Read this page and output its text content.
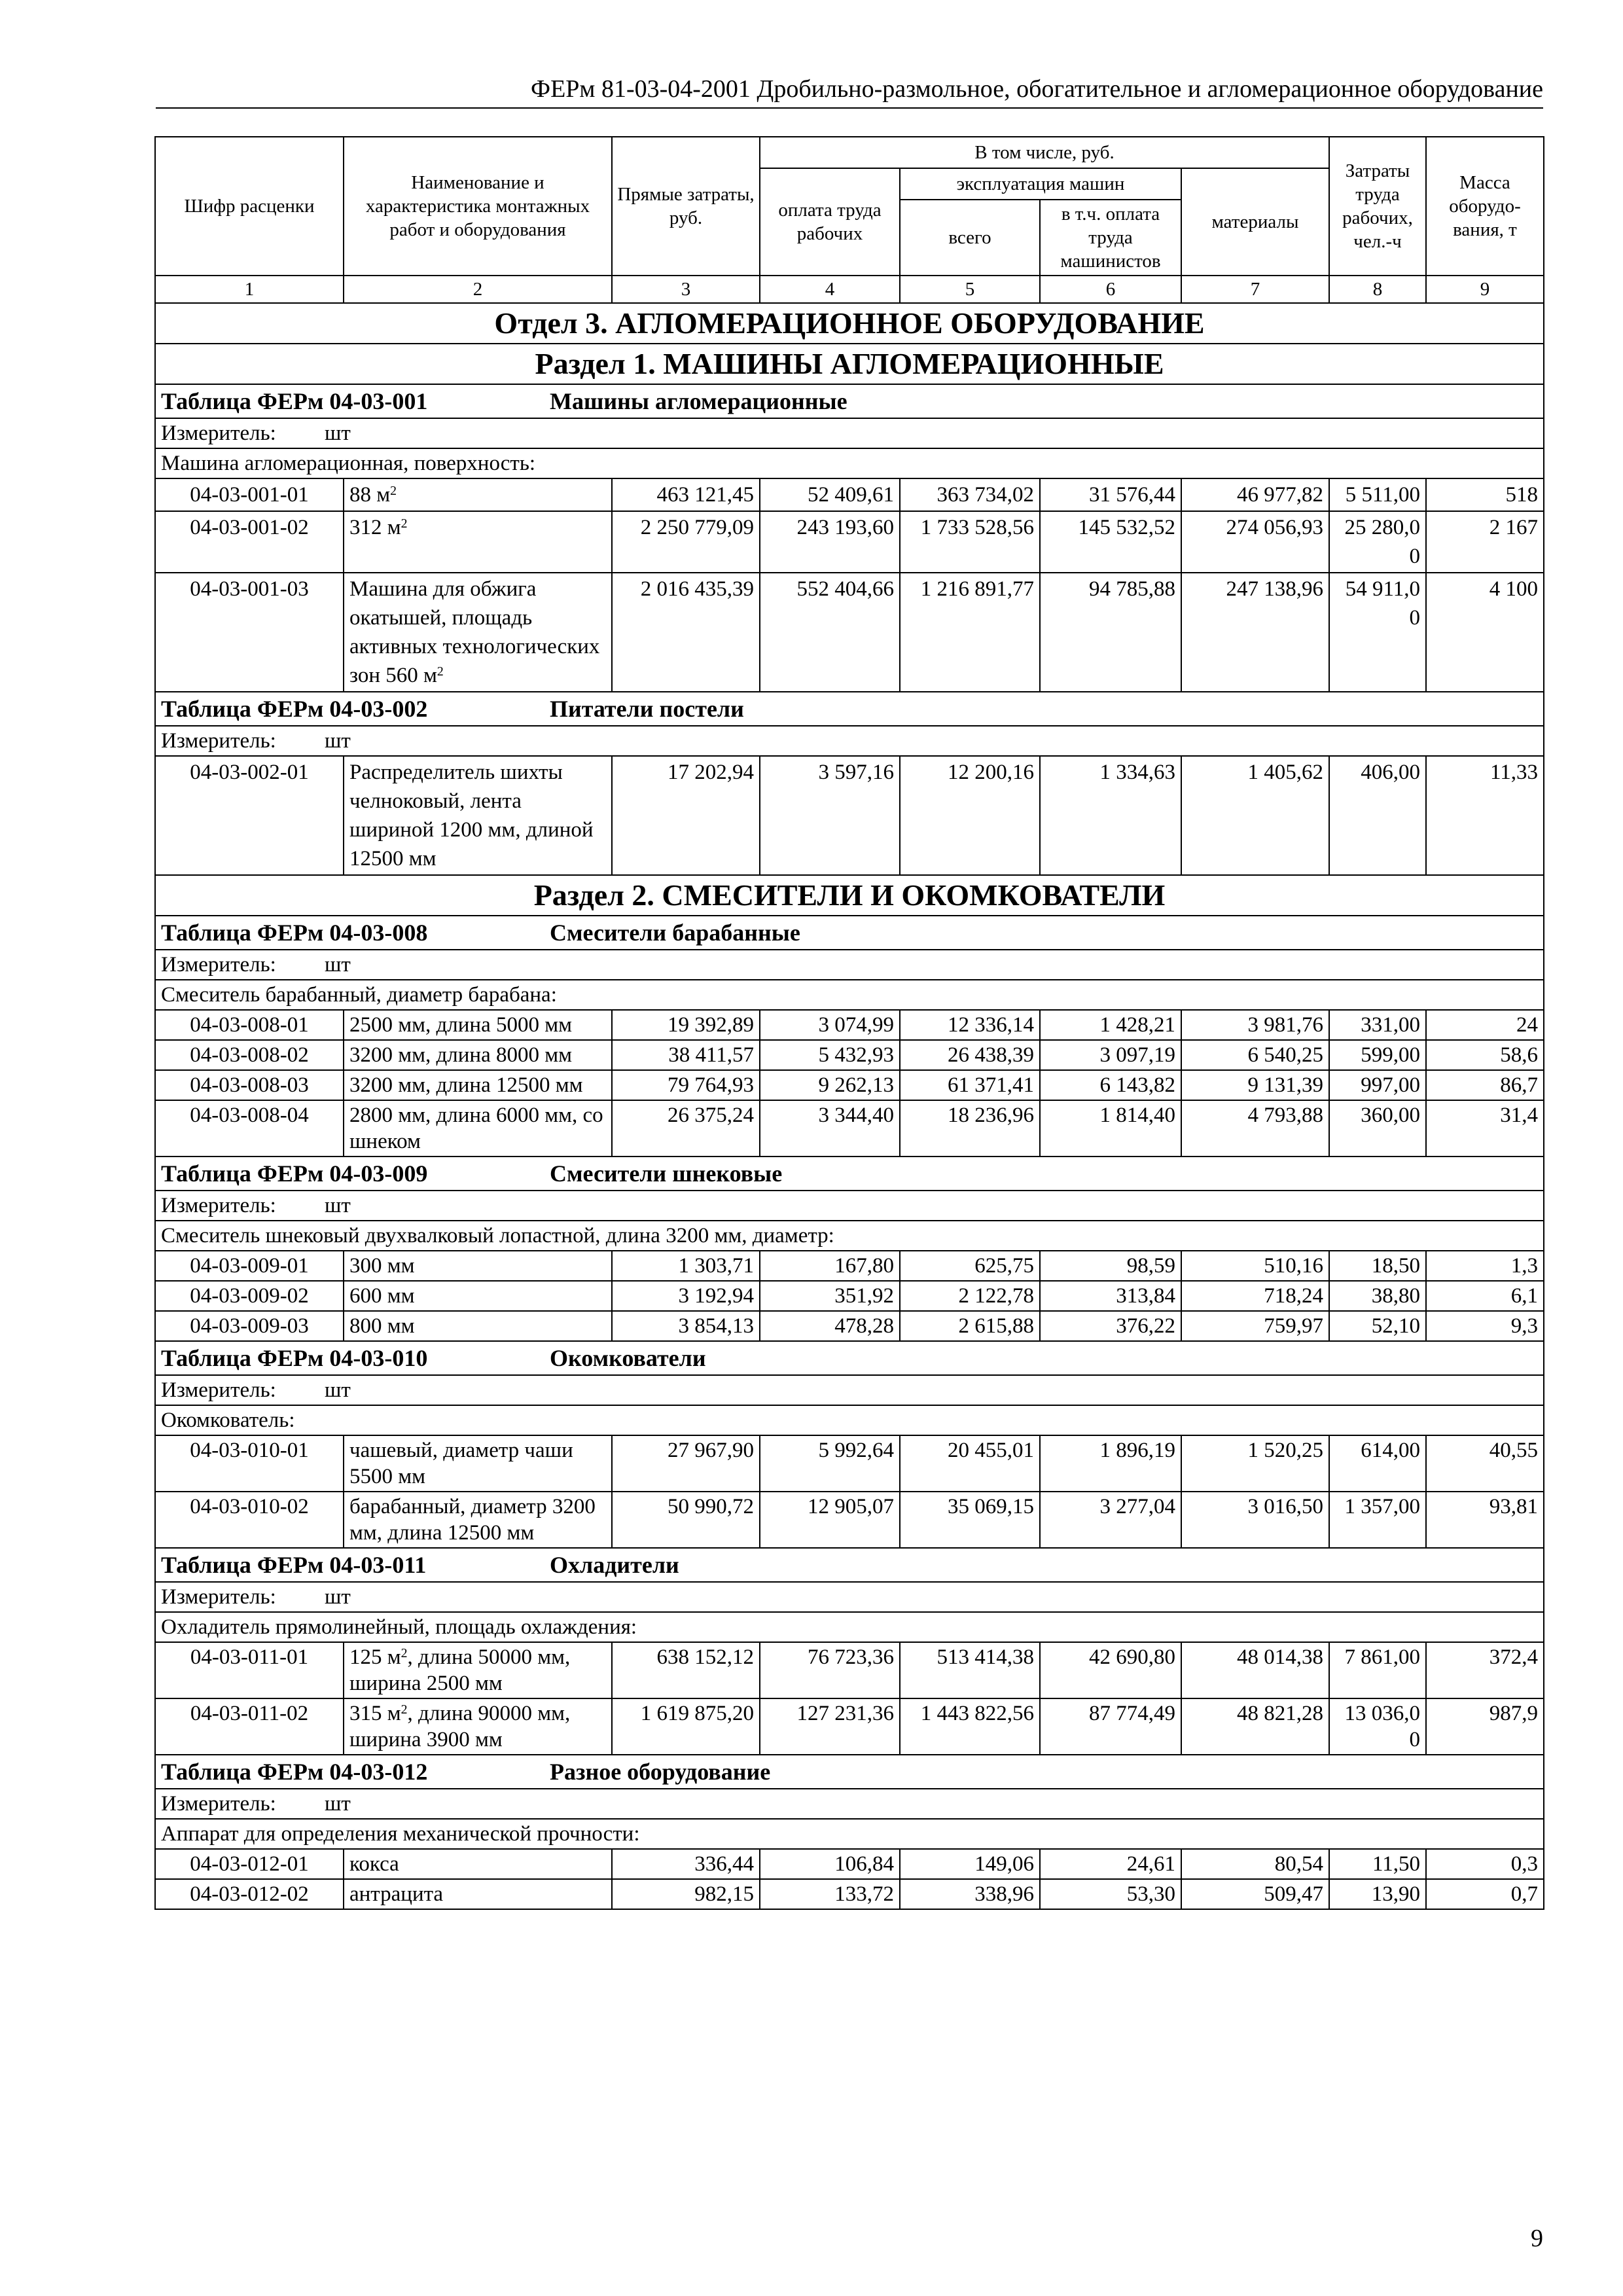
ФЕРм 81-03-04-2001 Дробильно-размольное, обогатительное и агломерационное оборудование
Шифр расценки	Наименование и характеристика монтажных работ и оборудования	Прямые затраты, руб.	В том числе, руб.				Затраты труда рабочих, чел.-ч	Масса оборудо-вания, т
			оплата труда рабочих	эксплуатация машин		материалы		
				всего	в т.ч. оплата труда машинистов			
1	2	3	4	5	6	7	8	9
Отдел 3. АГЛОМЕРАЦИОННОЕ ОБОРУДОВАНИЕ								
Раздел 1. МАШИНЫ АГЛОМЕРАЦИОННЫЕ								
Таблица ФЕРм 04-03-001 Машины агломерационные								
Измеритель: шт								
Машина агломерационная, поверхность:								
04-03-001-01	88 $м^2$	463 121,45	52 409,61	363 734,02	31 576,44	46 977,82	5 511,00	518
04-03-001-02	312 $м^2$	2 250 779,09	243 193,60	1 733 528,56	145 532,52	274 056,93	25 280,00	2 167
04-03-001-03	Машина для обжига окатышей, площадь активных технологических зон 560 $м^2$	2 016 435,39	552 404,66	1 216 891,77	94 785,88	247 138,96	54 911,00	4 100
Таблица ФЕРм 04-03-002 Питатели постели								
Измеритель: шт								
04-03-002-01	Распределитель шихты челноковый, лента шириной 1200 мм, длиной 12500 мм	17 202,94	3 597,16	12 200,16	1 334,63	1 405,62	406,00	11,33
Раздел 2. СМЕСИТЕЛИ И ОКОМКОВАТЕЛИ								
Таблица ФЕРм 04-03-008 Смесители барабанные								
Измеритель: шт								
Смеситель барабанный, диаметр барабана:								
04-03-008-01	2500 мм, длина 5000 мм	19 392,89	3 074,99	12 336,14	1 428,21	3 981,76	331,00	24
04-03-008-02	3200 мм, длина 8000 мм	38 411,57	5 432,93	26 438,39	3 097,19	6 540,25	599,00	58,6
04-03-008-03	3200 мм, длина 12500 мм	79 764,93	9 262,13	61 371,41	6 143,82	9 131,39	997,00	86,7
04-03-008-04	2800 мм, длина 6000 мм, со шнеком	26 375,24	3 344,40	18 236,96	1 814,40	4 793,88	360,00	31,4
Таблица ФЕРм 04-03-009 Смесители шнековые								
Измеритель: шт								
Смеситель шнековый двухвалковый лопастной, длина 3200 мм, диаметр:								
04-03-009-01	300 мм	1 303,71	167,80	625,75	98,59	510,16	18,50	1,3
04-03-009-02	600 мм	3 192,94	351,92	2 122,78	313,84	718,24	38,80	6,1
04-03-009-03	800 мм	3 854,13	478,28	2 615,88	376,22	759,97	52,10	9,3
Таблица ФЕРм 04-03-010 Окомкователи								
Измеритель: шт								
Окомкователь:								
04-03-010-01	чашевый, диаметр чаши 5500 мм	27 967,90	5 992,64	20 455,01	1 896,19	1 520,25	614,00	40,55
04-03-010-02	барабанный, диаметр 3200 мм, длина 12500 мм	50 990,72	12 905,07	35 069,15	3 277,04	3 016,50	1 357,00	93,81
Таблица ФЕРм 04-03-011 Охладители								
Измеритель: шт								
Охладитель прямолинейный, площадь охлаждения:								
04-03-011-01	125 $м^2$, длина 50000 мм, ширина 2500 мм	638 152,12	76 723,36	513 414,38	42 690,80	48 014,38	7 861,00	372,4
04-03-011-02	315 $м^2$, длина 90000 мм, ширина 3900 мм	1 619 875,20	127 231,36	1 443 822,56	87 774,49	48 821,28	13 036,00	987,9
Таблица ФЕРм 04-03-012 Разное оборудование								
Измеритель: шт								
Аппарат для определения механической прочности:								
04-03-012-01	кокса	336,44	106,84	149,06	24,61	80,54	11,50	0,3
04-03-012-02	антрацита	982,15	133,72	338,96	53,30	509,47	13,90	0,7
9
